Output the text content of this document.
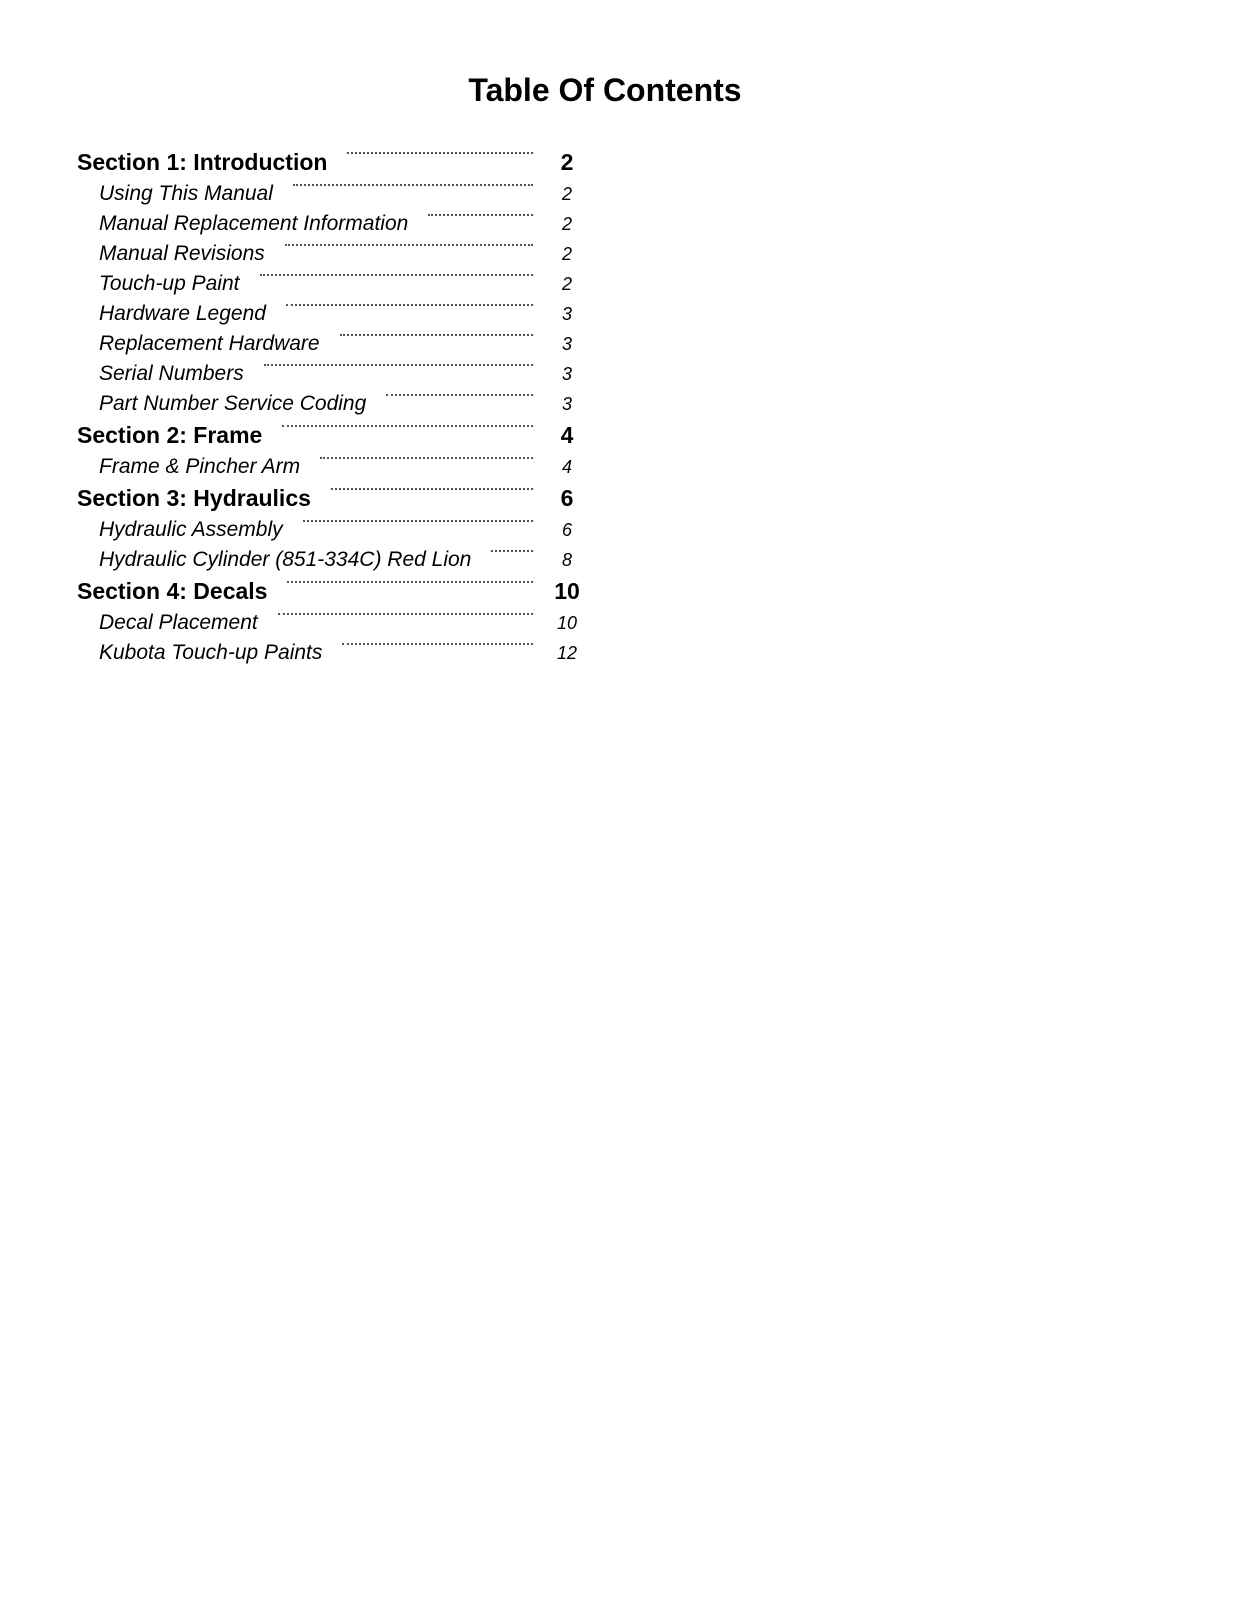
Table Of Contents
Section 1: Introduction	2
Using This Manual	2
Manual Replacement Information	2
Manual Revisions	2
Touch-up Paint	2
Hardware Legend	3
Replacement Hardware	3
Serial Numbers	3
Part Number Service Coding	3
Section 2: Frame	4
Frame & Pincher Arm	4
Section 3: Hydraulics	6
Hydraulic Assembly	6
Hydraulic Cylinder (851-334C) Red Lion	8
Section 4: Decals	10
Decal Placement	10
Kubota Touch-up Paints	12
